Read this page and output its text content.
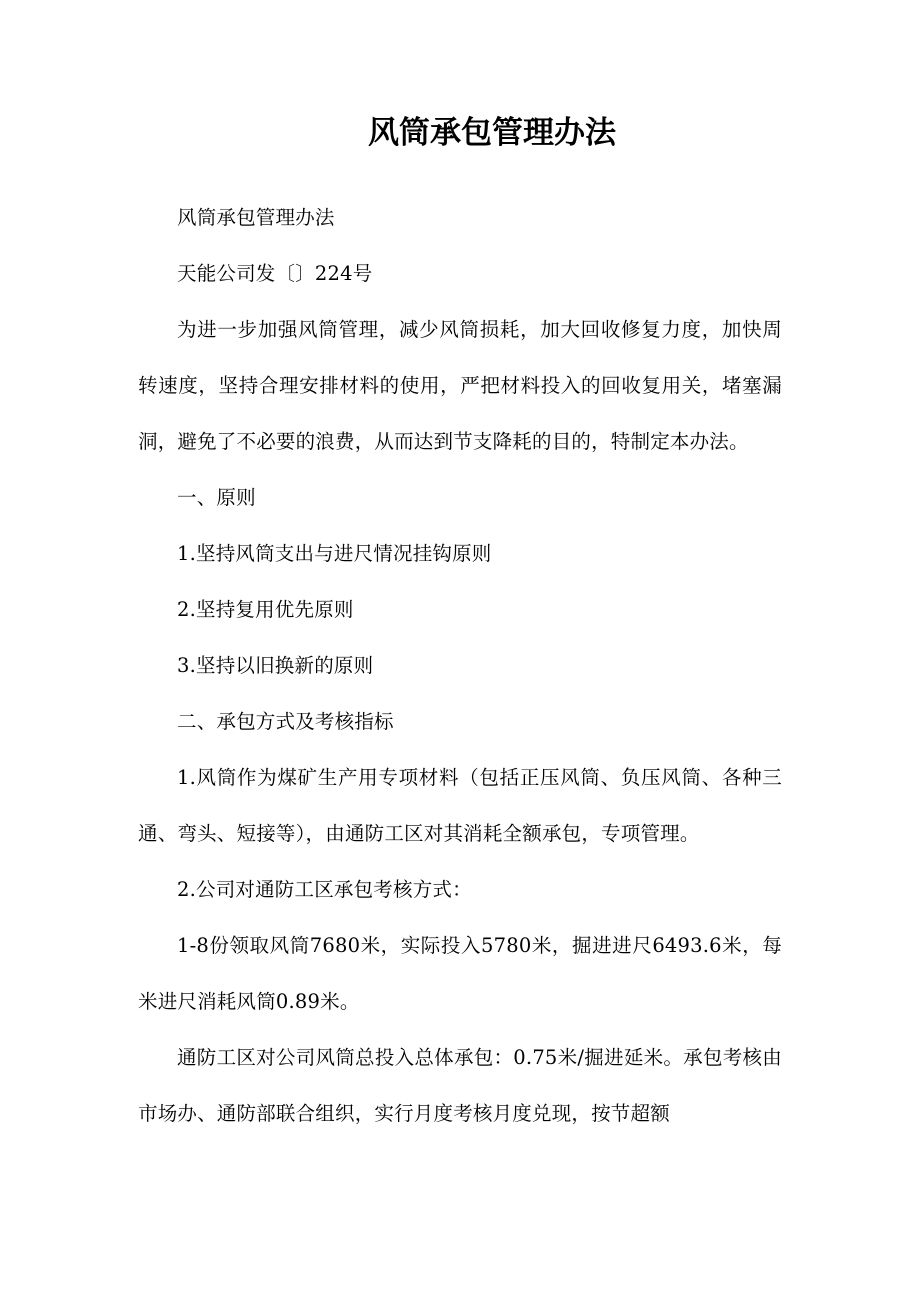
风筒承包管理办法

风筒承包管理办法

天能公司发〔〕224号

为进一步加强风筒管理，减少风筒损耗，加大回收修复力度，加快周转速度，坚持合理安排材料的使用，严把材料投入的回收复用关，堵塞漏洞，避免了不必要的浪费，从而达到节支降耗的目的，特制定本办法。

一、原则

1.坚持风筒支出与进尺情况挂钩原则

2.坚持复用优先原则

3.坚持以旧换新的原则

二、承包方式及考核指标

1.风筒作为煤矿生产用专项材料（包括正压风筒、负压风筒、各种三通、弯头、短接等），由通防工区对其消耗全额承包，专项管理。

2.公司对通防工区承包考核方式：

1-8份领取风筒7680米，实际投入5780米，掘进进尺6493.6米，每米进尺消耗风筒0.89米。

通防工区对公司风筒总投入总体承包：0.75米/掘进延米。承包考核由市场办、通防部联合组织，实行月度考核月度兑现，按节超额
